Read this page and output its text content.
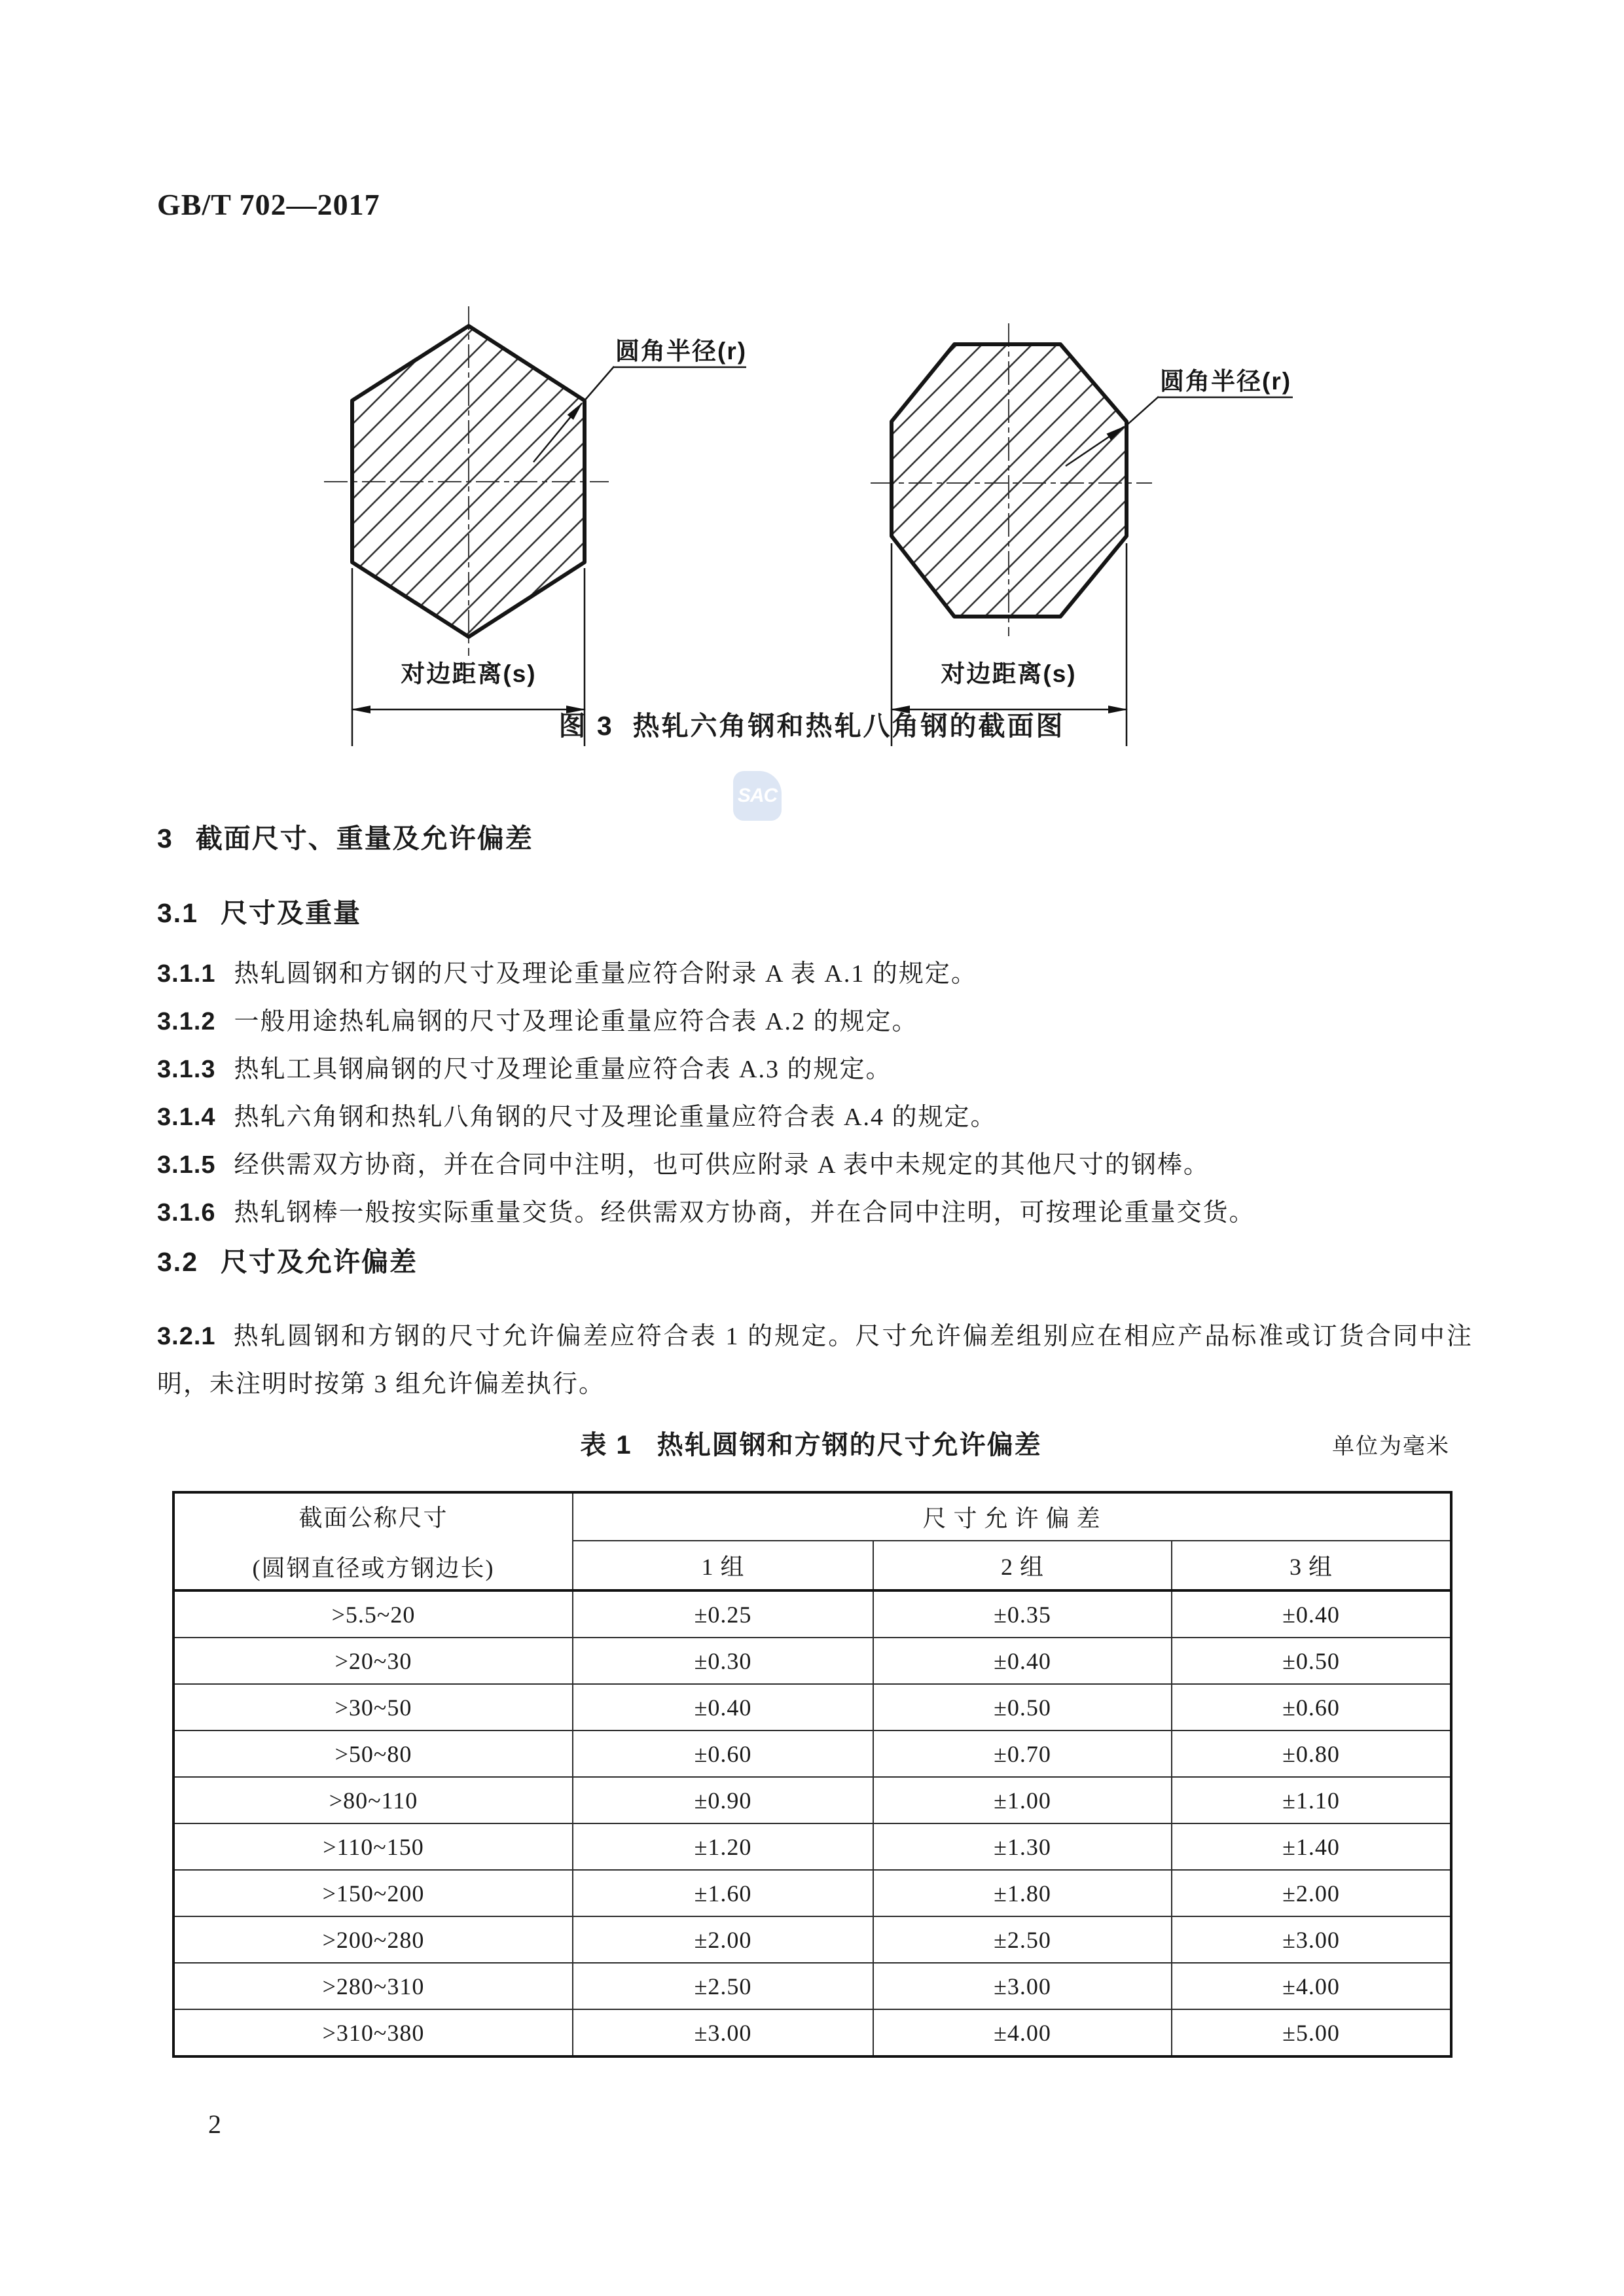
GB/T 702—2017
圆角半径(r)
对边距离(s)
圆角半径(r)
对边距离(s)
图 3  热轧六角钢和热轧八角钢的截面图
SAC
3 截面尺寸、重量及允许偏差
3.1 尺寸及重量
3.1.1 热轧圆钢和方钢的尺寸及理论重量应符合附录 A 表 A.1 的规定。
3.1.2 一般用途热轧扁钢的尺寸及理论重量应符合表 A.2 的规定。
3.1.3 热轧工具钢扁钢的尺寸及理论重量应符合表 A.3 的规定。
3.1.4 热轧六角钢和热轧八角钢的尺寸及理论重量应符合表 A.4 的规定。
3.1.5 经供需双方协商，并在合同中注明，也可供应附录 A 表中未规定的其他尺寸的钢棒。
3.1.6 热轧钢棒一般按实际重量交货。经供需双方协商，并在合同中注明，可按理论重量交货。
3.2 尺寸及允许偏差
3.2.1 热轧圆钢和方钢的尺寸允许偏差应符合表 1 的规定。尺寸允许偏差组别应在相应产品标准或订货合同中注明，未注明时按第 3 组允许偏差执行。
表 1 热轧圆钢和方钢的尺寸允许偏差	单位为毫米
截面公称尺寸
(圆钢直径或方钢边长)	尺 寸 允 许 偏 差		
	1 组	2 组	3 组
>5.5~20	±0.25	±0.35	±0.40
>20~30	±0.30	±0.40	±0.50
>30~50	±0.40	±0.50	±0.60
>50~80	±0.60	±0.70	±0.80
>80~110	±0.90	±1.00	±1.10
>110~150	±1.20	±1.30	±1.40
>150~200	±1.60	±1.80	±2.00
>200~280	±2.00	±2.50	±3.00
>280~310	±2.50	±3.00	±4.00
>310~380	±3.00	±4.00	±5.00
2
